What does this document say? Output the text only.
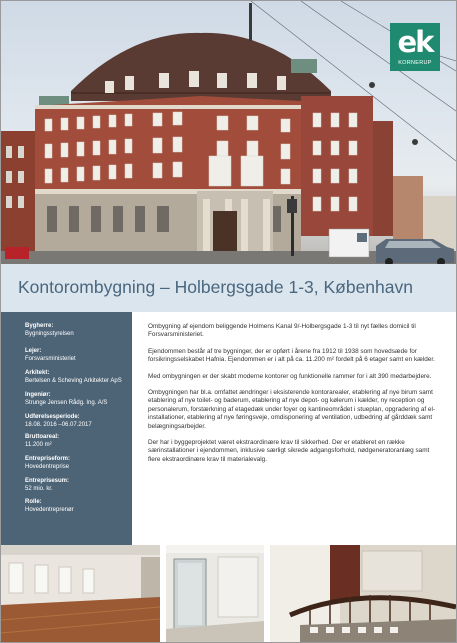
ek
KORNERUP
Kontorombygning – Holbergsgade 1-3, København
Bygherre:
Bygningsstyrelsen
Lejer:
Forsvarsministeriet
Arkitekt:
Bertelsen & Scheving Arkitekter ApS
Ingeniør:
Strunge Jensen Rådg. Ing. A/S
Udførelsesperiode:
18.08. 2016 –06.07.2017
Bruttoareal:
11.200 m²
Entrepriseform:
Hovedentreprise
Entreprisesum:
52 mio. kr.
Rolle:
Hovedentreprenør

Ombygning af ejendom beliggende Holmens Kanal 9/-Holbergsgade 1-3 til nyt fælles domicil til Forsvarsministeriet.

Ejendommen består af tre bygninger, der er opført i årene fra 1912 til 1938 som hovedsæde for forsikringsselskabet Hafnia. Ejendommen er i alt på ca. 11.200 m² fordelt på 6 etager samt en kælder.

Med ombygningen er der skabt moderne kontorer og funktionelle rammer for i alt 390 medarbejdere.

Ombygningen har bl.a. omfattet ændringer i eksisterende kontorarealer, etablering af nye birum samt etablering af nye toilet- og baderum, etablering af nye depot- og kølerum i kælder, ny reception og personalerum, forstærkning af etagedæk under foyer og kantineområdet i stueplan, opgradering af el-installationer, etablering af nye føringsveje, omdisponering af ventilation, udbedring af gårddæk samt belægningsarbejder.

Der har i byggeprojektet været ekstraordinære krav til sikkerhed. Der er etableret en række særinstallationer i ejendommen, inklusive særligt sikrede adgangsforhold, nødgeneratoranlæg samt flere ekstraordinære krav til materialevalg.
